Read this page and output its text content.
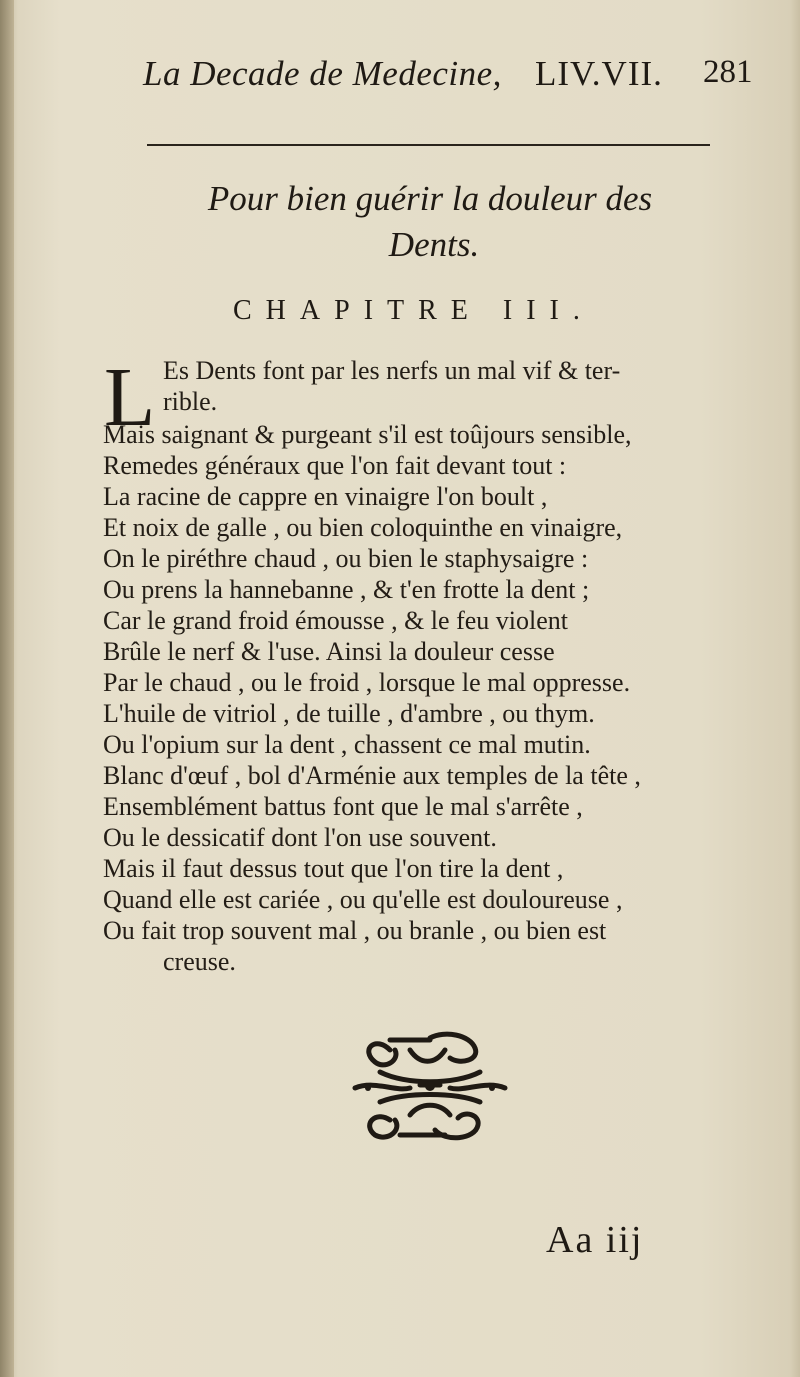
La Decade de Medecine, LIV.VII. 281
Pour bien guérir la douleur des
Dents.
CHAPITRE III.
L Es Dents font par les nerfs un mal vif & ter-
rible.
Mais saignant & purgeant s'il est toûjours sensible,
Remedes généraux que l'on fait devant tout :
La racine de cappre en vinaigre l'on boult ,
Et noix de galle , ou bien coloquinthe en vinaigre,
On le piréthre chaud , ou bien le staphysaigre :
Ou prens la hannebanne , & t'en frotte la dent ;
Car le grand froid émousse , & le feu violent
Brûle le nerf & l'use. Ainsi la douleur cesse
Par le chaud , ou le froid , lorsque le mal oppresse.
L'huile de vitriol , de tuille , d'ambre , ou thym.
Ou l'opium sur la dent , chassent ce mal mutin.
Blanc d'œuf , bol d'Arménie aux temples de la tête ,
Ensemblément battus font que le mal s'arrête ,
Ou le dessicatif dont l'on use souvent.
Mais il faut dessus tout que l'on tire la dent ,
Quand elle est cariée , ou qu'elle est douloureuse ,
Ou fait trop souvent mal , ou branle , ou bien est
creuse.
Aa iij
